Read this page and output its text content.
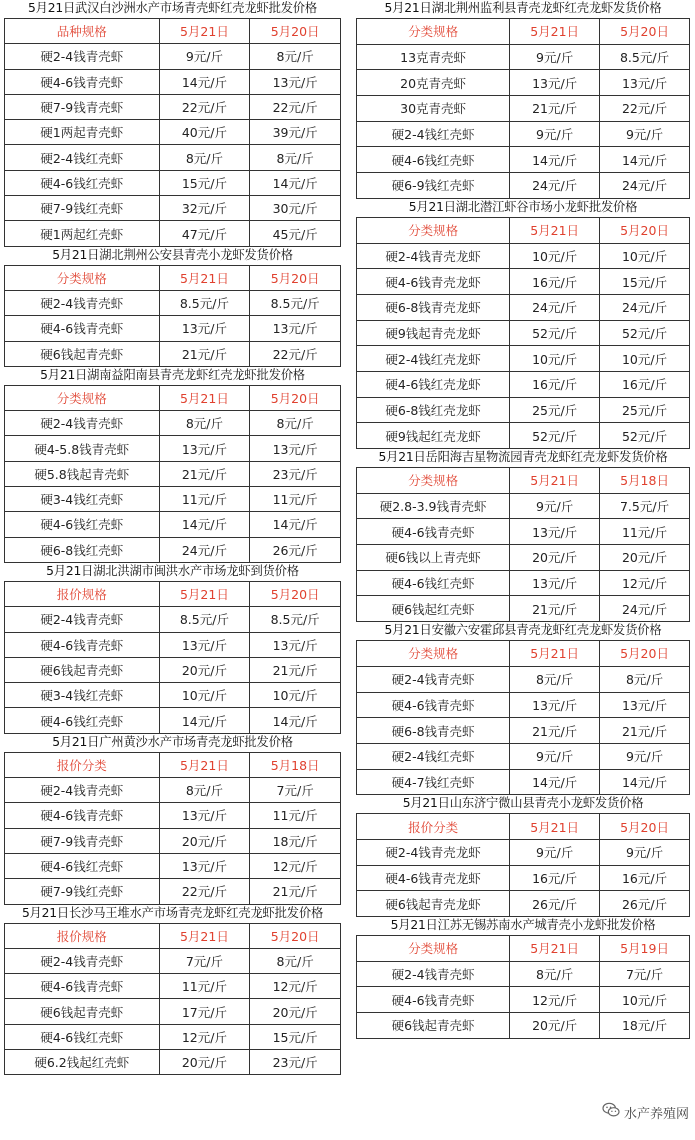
5月21日武汉白沙洲水产市场青壳虾红壳龙虾批发价格
品种规格	5月21日	5月20日
硬2-4钱青壳虾	9元/斤	8元/斤
硬4-6钱青壳虾	14元/斤	13元/斤
硬7-9钱青壳虾	22元/斤	22元/斤
硬1两起青壳虾	40元/斤	39元/斤
硬2-4钱红壳虾	8元/斤	8元/斤
硬4-6钱红壳虾	15元/斤	14元/斤
硬7-9钱红壳虾	32元/斤	30元/斤
硬1两起红壳虾	47元/斤	45元/斤
5月21日湖北荆州公安县青壳小龙虾发货价格
分类规格	5月21日	5月20日
硬2-4钱青壳虾	8.5元/斤	8.5元/斤
硬4-6钱青壳虾	13元/斤	13元/斤
硬6钱起青壳虾	21元/斤	22元/斤
5月21日湖南益阳南县青壳龙虾红壳龙虾批发价格
分类规格	5月21日	5月20日
硬2-4钱青壳虾	8元/斤	8元/斤
硬4-5.8钱青壳虾	13元/斤	13元/斤
硬5.8钱起青壳虾	21元/斤	23元/斤
硬3-4钱红壳虾	11元/斤	11元/斤
硬4-6钱红壳虾	14元/斤	14元/斤
硬6-8钱红壳虾	24元/斤	26元/斤
5月21日湖北洪湖市闽洪水产市场龙虾到货价格
报价规格	5月21日	5月20日
硬2-4钱青壳虾	8.5元/斤	8.5元/斤
硬4-6钱青壳虾	13元/斤	13元/斤
硬6钱起青壳虾	20元/斤	21元/斤
硬3-4钱红壳虾	10元/斤	10元/斤
硬4-6钱红壳虾	14元/斤	14元/斤
5月21日广州黄沙水产市场青壳龙虾批发价格
报价分类	5月21日	5月18日
硬2-4钱青壳虾	8元/斤	7元/斤
硬4-6钱青壳虾	13元/斤	11元/斤
硬7-9钱青壳虾	20元/斤	18元/斤
硬4-6钱红壳虾	13元/斤	12元/斤
硬7-9钱红壳虾	22元/斤	21元/斤
5月21日长沙马王堆水产市场青壳龙虾红壳龙虾批发价格
报价规格	5月21日	5月20日
硬2-4钱青壳虾	7元/斤	8元/斤
硬4-6钱青壳虾	11元/斤	12元/斤
硬6钱起青壳虾	17元/斤	20元/斤
硬4-6钱红壳虾	12元/斤	15元/斤
硬6.2钱起红壳虾	20元/斤	23元/斤
5月21日湖北荆州监利县青壳龙虾红壳龙虾发货价格
分类规格	5月21日	5月20日
13克青壳虾	9元/斤	8.5元/斤
20克青壳虾	13元/斤	13元/斤
30克青壳虾	21元/斤	22元/斤
硬2-4钱红壳虾	9元/斤	9元/斤
硬4-6钱红壳虾	14元/斤	14元/斤
硬6-9钱红壳虾	24元/斤	24元/斤
5月21日湖北潜江虾谷市场小龙虾批发价格
分类规格	5月21日	5月20日
硬2-4钱青壳龙虾	10元/斤	10元/斤
硬4-6钱青壳龙虾	16元/斤	15元/斤
硬6-8钱青壳龙虾	24元/斤	24元/斤
硬9钱起青壳龙虾	52元/斤	52元/斤
硬2-4钱红壳龙虾	10元/斤	10元/斤
硬4-6钱红壳龙虾	16元/斤	16元/斤
硬6-8钱红壳龙虾	25元/斤	25元/斤
硬9钱起红壳龙虾	52元/斤	52元/斤
5月21日岳阳海吉星物流园青壳龙虾红壳龙虾发货价格
分类规格	5月21日	5月18日
硬2.8-3.9钱青壳虾	9元/斤	7.5元/斤
硬4-6钱青壳虾	13元/斤	11元/斤
硬6钱以上青壳虾	20元/斤	20元/斤
硬4-6钱红壳虾	13元/斤	12元/斤
硬6钱起红壳虾	21元/斤	24元/斤
5月21日安徽六安霍邱县青壳龙虾红壳龙虾发货价格
分类规格	5月21日	5月20日
硬2-4钱青壳虾	8元/斤	8元/斤
硬4-6钱青壳虾	13元/斤	13元/斤
硬6-8钱青壳虾	21元/斤	21元/斤
硬2-4钱红壳虾	9元/斤	9元/斤
硬4-7钱红壳虾	14元/斤	14元/斤
5月21日山东济宁微山县青壳小龙虾发货价格
报价分类	5月21日	5月20日
硬2-4钱青壳龙虾	9元/斤	9元/斤
硬4-6钱青壳龙虾	16元/斤	16元/斤
硬6钱起青壳龙虾	26元/斤	26元/斤
5月21日江苏无锡苏南水产城青壳小龙虾批发价格
分类规格	5月21日	5月19日
硬2-4钱青壳虾	8元/斤	7元/斤
硬4-6钱青壳虾	12元/斤	10元/斤
硬6钱起青壳虾	20元/斤	18元/斤
水产养殖网
